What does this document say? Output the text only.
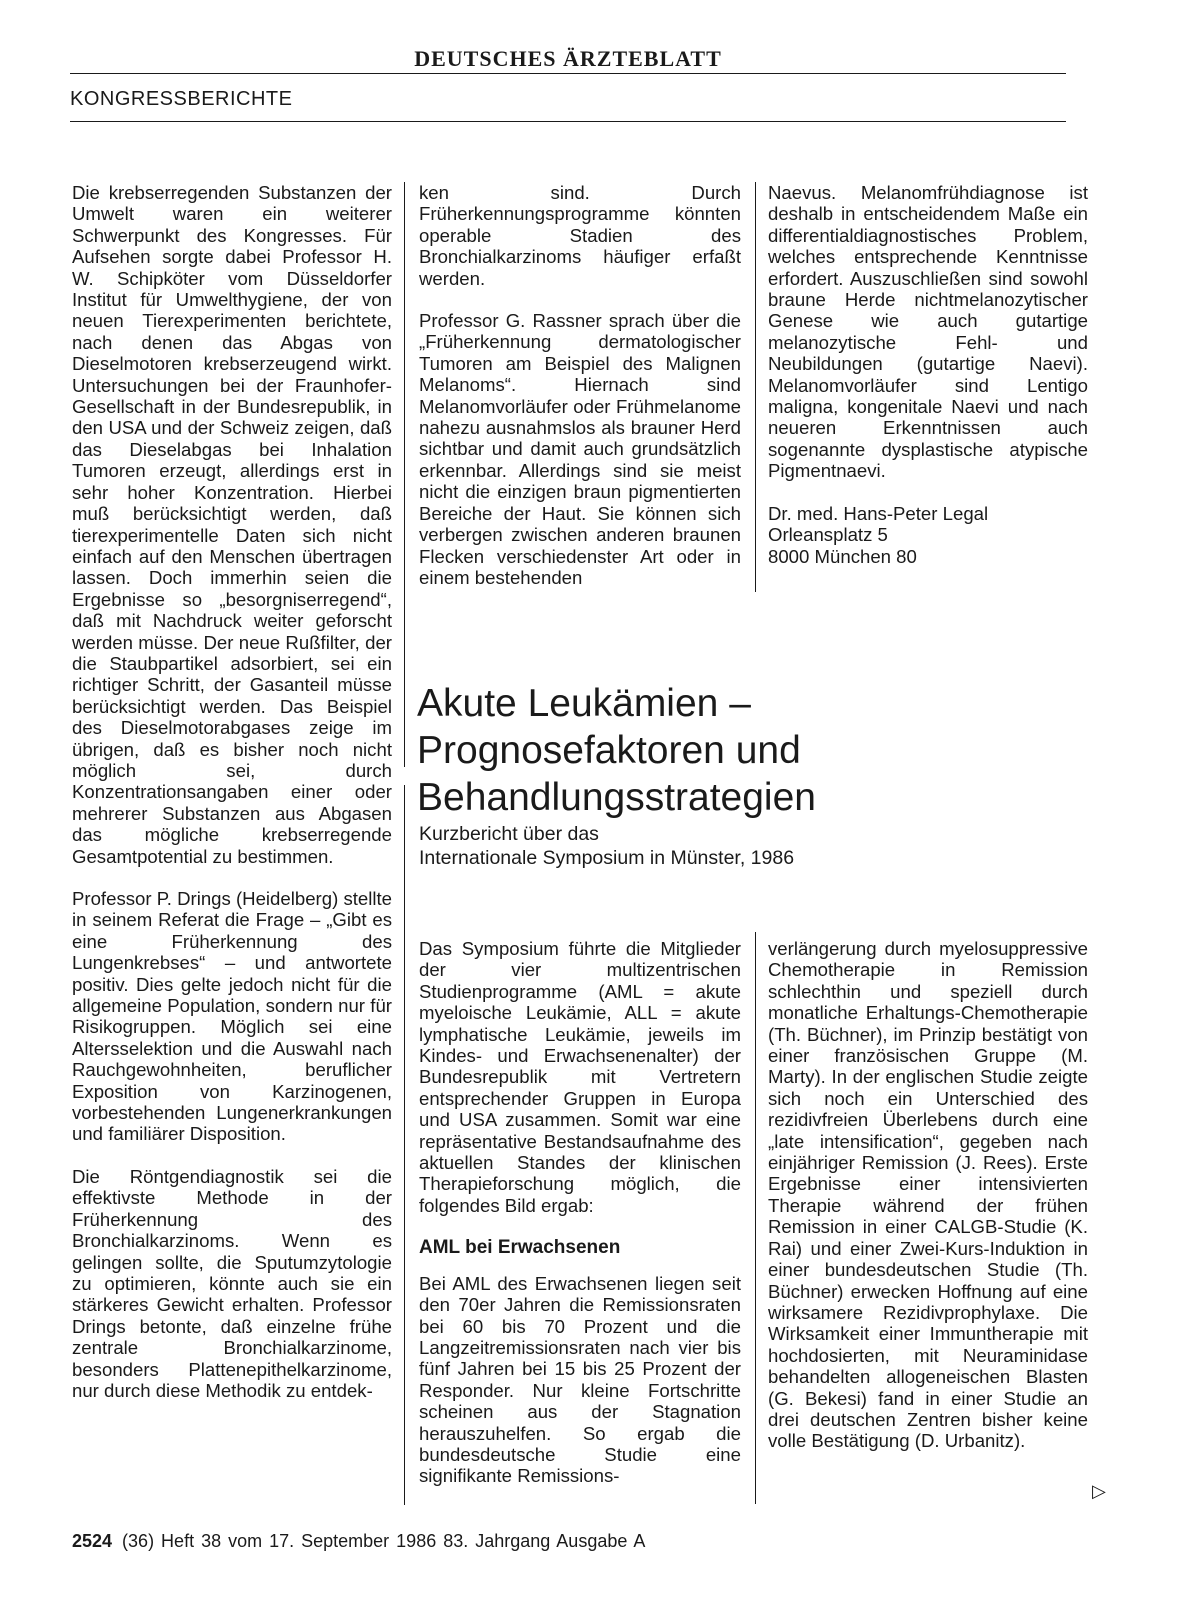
DEUTSCHES ÄRZTEBLATT
KONGRESSBERICHTE

Die krebserregenden Substanzen der Umwelt waren ein weiterer Schwerpunkt des Kongresses. Für Aufsehen sorgte dabei Professor H. W. Schipköter vom Düsseldorfer Institut für Umwelthygiene, der von neuen Tierexperimenten berichtete, nach denen das Abgas von Dieselmotoren krebserzeugend wirkt. Untersuchungen bei der Fraunhofer-Gesellschaft in der Bundesrepublik, in den USA und der Schweiz zeigen, daß das Dieselabgas bei Inhalation Tumoren erzeugt, allerdings erst in sehr hoher Konzentration. Hierbei muß berücksichtigt werden, daß tierexperimentelle Daten sich nicht einfach auf den Menschen übertragen lassen. Doch immerhin seien die Ergebnisse so „besorgniserregend“, daß mit Nachdruck weiter geforscht werden müsse. Der neue Rußfilter, der die Staubpartikel adsorbiert, sei ein richtiger Schritt, der Gasanteil müsse berücksichtigt werden. Das Beispiel des Dieselmotorabgases zeige im übrigen, daß es bisher noch nicht möglich sei, durch Konzentrationsangaben einer oder mehrerer Substanzen aus Abgasen das mögliche krebserregende Gesamtpotential zu bestimmen.

Professor P. Drings (Heidelberg) stellte in seinem Referat die Frage – „Gibt es eine Früherkennung des Lungenkrebses“ – und antwortete positiv. Dies gelte jedoch nicht für die allgemeine Population, sondern nur für Risikogruppen. Möglich sei eine Altersselektion und die Auswahl nach Rauchgewohnheiten, beruflicher Exposition von Karzinogenen, vorbestehenden Lungenerkrankungen und familiärer Disposition.

Die Röntgendiagnostik sei die effektivste Methode in der Früherkennung des Bronchialkarzinoms. Wenn es gelingen sollte, die Sputumzytologie zu optimieren, könnte auch sie ein stärkeres Gewicht erhalten. Professor Drings betonte, daß einzelne frühe zentrale Bronchialkarzinome, besonders Plattenepithelkarzinome, nur durch diese Methodik zu entdek-

ken sind. Durch Früherkennungsprogramme könnten operable Stadien des Bronchialkarzinoms häufiger erfaßt werden.

Professor G. Rassner sprach über die „Früherkennung dermatologischer Tumoren am Beispiel des Malignen Melanoms“. Hiernach sind Melanomvorläufer oder Frühmelanome nahezu ausnahmslos als brauner Herd sichtbar und damit auch grundsätzlich erkennbar. Allerdings sind sie meist nicht die einzigen braun pigmentierten Bereiche der Haut. Sie können sich verbergen zwischen anderen braunen Flecken verschiedenster Art oder in einem bestehenden

Naevus. Melanomfrühdiagnose ist deshalb in entscheidendem Maße ein differentialdiagnostisches Problem, welches entsprechende Kenntnisse erfordert. Auszuschließen sind sowohl braune Herde nichtmelanozytischer Genese wie auch gutartige melanozytische Fehl- und Neubildungen (gutartige Naevi). Melanomvorläufer sind Lentigo maligna, kongenitale Naevi und nach neueren Erkenntnissen auch sogenannte dysplastische atypische Pigmentnaevi.

Dr. med. Hans-Peter Legal
Orleansplatz 5
8000 München 80
Akute Leukämien –
Prognosefaktoren und
Behandlungsstrategien
Kurzbericht über das
Internationale Symposium in Münster, 1986

Das Symposium führte die Mitglieder der vier multizentrischen Studienprogramme (AML = akute myeloische Leukämie, ALL = akute lymphatische Leukämie, jeweils im Kindes- und Erwachsenenalter) der Bundesrepublik mit Vertretern entsprechender Gruppen in Europa und USA zusammen. Somit war eine repräsentative Bestandsaufnahme des aktuellen Standes der klinischen Therapieforschung möglich, die folgendes Bild ergab:

AML bei Erwachsenen

Bei AML des Erwachsenen liegen seit den 70er Jahren die Remissionsraten bei 60 bis 70 Prozent und die Langzeitremissionsraten nach vier bis fünf Jahren bei 15 bis 25 Prozent der Responder. Nur kleine Fortschritte scheinen aus der Stagnation herauszuhelfen. So ergab die bundesdeutsche Studie eine signifikante Remissions-

verlängerung durch myelosuppressive Chemotherapie in Remission schlechthin und speziell durch monatliche Erhaltungs-Chemotherapie (Th. Büchner), im Prinzip bestätigt von einer französischen Gruppe (M. Marty). In der englischen Studie zeigte sich noch ein Unterschied des rezidivfreien Überlebens durch eine „late intensification“, gegeben nach einjähriger Remission (J. Rees). Erste Ergebnisse einer intensivierten Therapie während der frühen Remission in einer CALGB-Studie (K. Rai) und einer Zwei-Kurs-Induktion in einer bundesdeutschen Studie (Th. Büchner) erwecken Hoffnung auf eine wirksamere Rezidivprophylaxe. Die Wirksamkeit einer Immuntherapie mit hochdosierten, mit Neuraminidase behandelten allogeneischen Blasten (G. Bekesi) fand in einer Studie an drei deutschen Zentren bisher keine volle Bestätigung (D. Urbanitz).

▷
2524 (36) Heft 38 vom 17. September 1986 83. Jahrgang Ausgabe A
